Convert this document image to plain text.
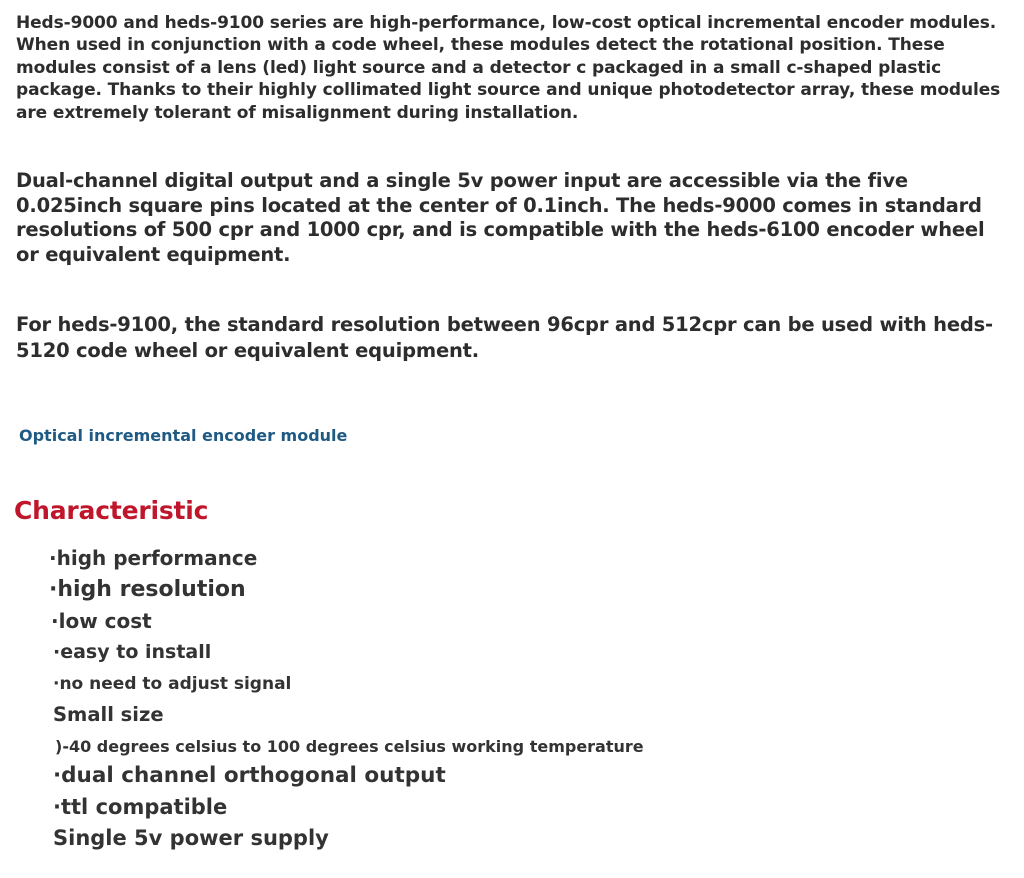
Heds-9000 and heds-9100 series are high-performance, low-cost optical incremental encoder modules. When used in conjunction with a code wheel, these modules detect the rotational position. These modules consist of a lens (led) light source and a detector c packaged in a small c-shaped plastic package. Thanks to their highly collimated light source and unique photodetector array, these modules are extremely tolerant of misalignment during installation.

Dual-channel digital output and a single 5v power input are accessible via the five 0.025inch square pins located at the center of 0.1inch. The heds-9000 comes in standard resolutions of 500 cpr and 1000 cpr, and is compatible with the heds-6100 encoder wheel or equivalent equipment.

For heds-9100, the standard resolution between 96cpr and 512cpr can be used with heds-5120 code wheel or equivalent equipment.

Optical incremental encoder module

Characteristic

·high performance

·high resolution

·low cost

·easy to install

·no need to adjust signal

Small size

)-40 degrees celsius to 100 degrees celsius working temperature

·dual channel orthogonal output

·ttl compatible

Single 5v power supply
